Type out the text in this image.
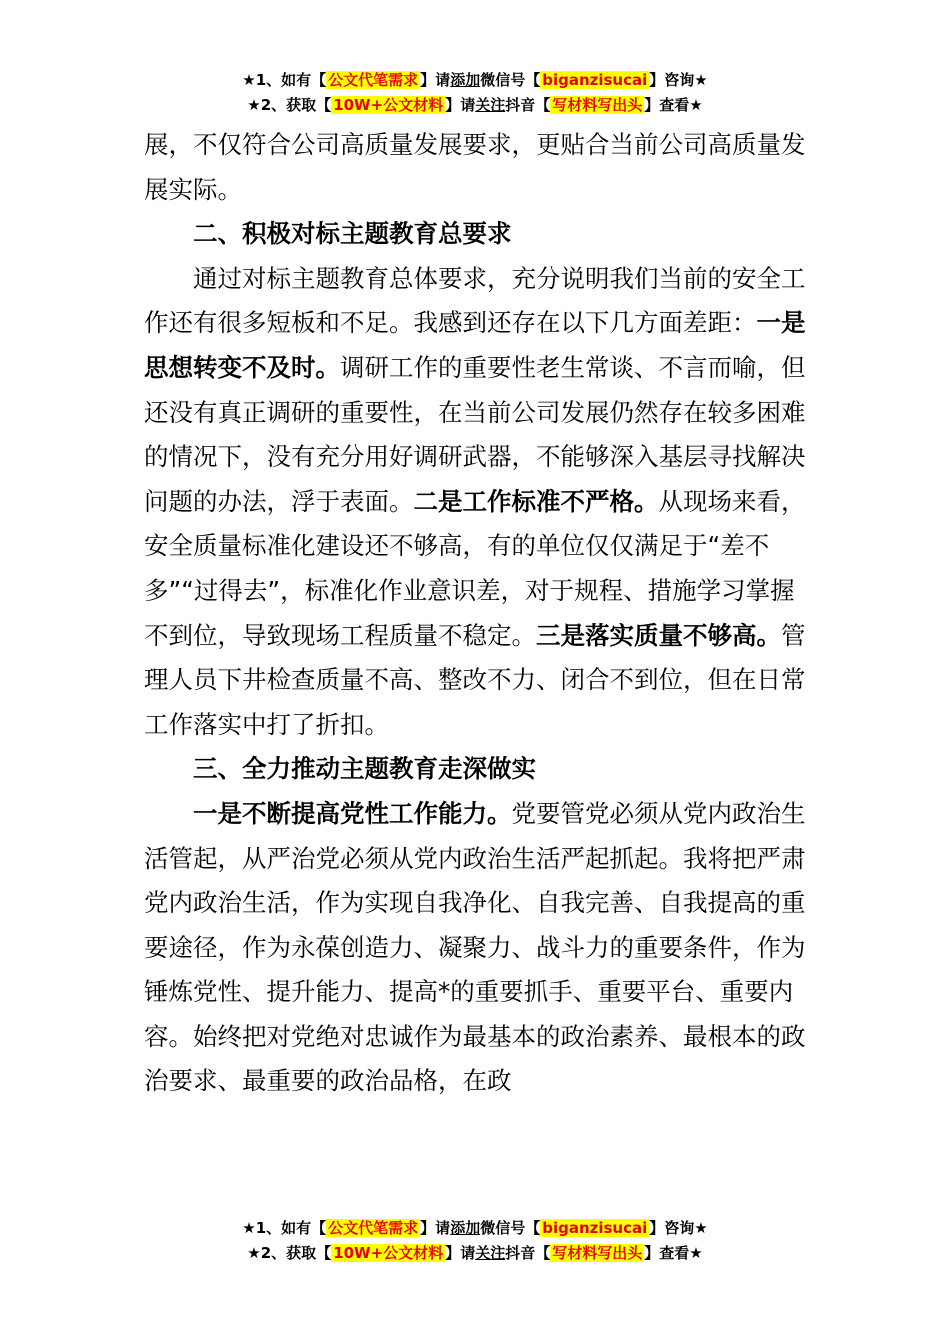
★1、如有【 公文代笔需求 】请添加微信号【 biganzisucai 】咨询★
★2、获取【 10W+公文材料 】请关注抖音【 写材料写出头 】查看★

展，不仅符合公司高质量发展要求，更贴合当前公司高质量发展实际。

二、积极对标主题教育总要求

通过对标主题教育总体要求，充分说明我们当前的安全工作还有很多短板和不足。我感到还存在以下几方面差距：一是思想转变不及时。调研工作的重要性老生常谈、不言而喻，但还没有真正调研的重要性，在当前公司发展仍然存在较多困难的情况下，没有充分用好调研武器，不能够深入基层寻找解决问题的办法，浮于表面。二是工作标准不严格。从现场来看，安全质量标准化建设还不够高，有的单位仅仅满足于“差不多”“过得去”，标准化作业意识差，对于规程、措施学习掌握不到位，导致现场工程质量不稳定。三是落实质量不够高。管理人员下井检查质量不高、整改不力、闭合不到位，但在日常工作落实中打了折扣。

三、全力推动主题教育走深做实

一是不断提高党性工作能力。党要管党必须从党内政治生活管起，从严治党必须从党内政治生活严起抓起。我将把严肃党内政治生活，作为实现自我净化、自我完善、自我提高的重要途径，作为永葆创造力、凝聚力、战斗力的重要条件，作为锤炼党性、提升能力、提高*的重要抓手、重要平台、重要内容。始终把对党绝对忠诚作为最基本的政治素养、最根本的政治要求、最重要的政治品格，在政

★1、如有【 公文代笔需求 】请添加微信号【 biganzisucai 】咨询★
★2、获取【 10W+公文材料 】请关注抖音【 写材料写出头 】查看★
